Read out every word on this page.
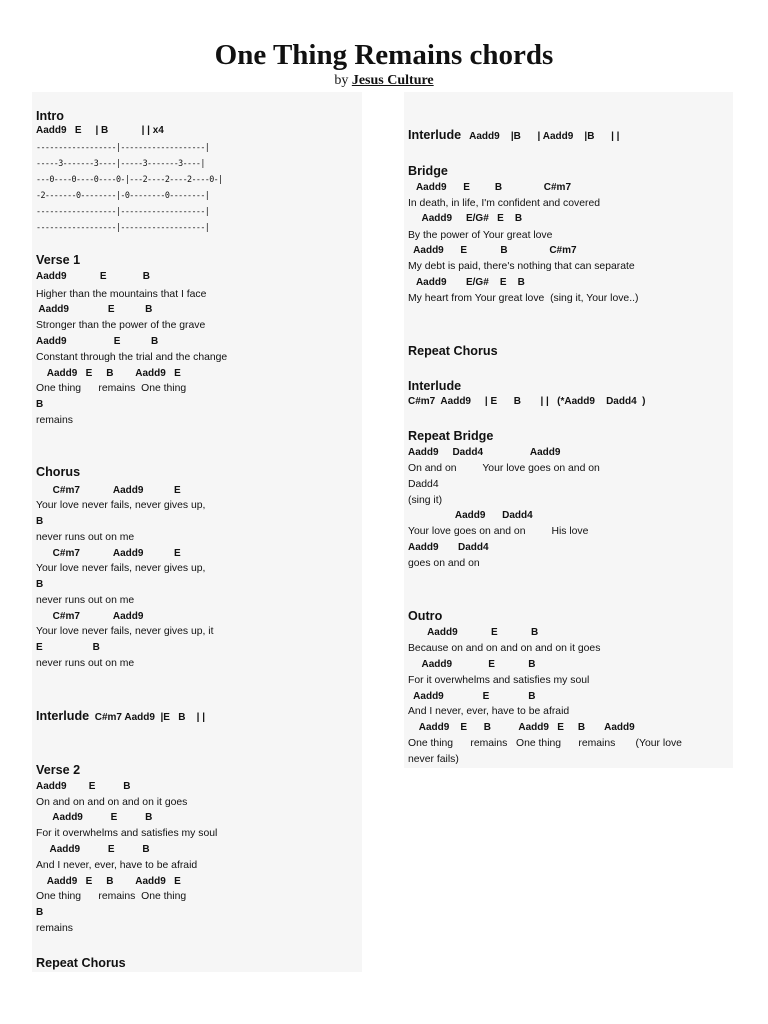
One Thing Remains chords
by Jesus Culture
Intro
Aadd9   E     | B            | | x4
------------------|-------------------|
-----3-------3----|-----3-------3----|
---0----0----0----0-|---2----2----2----0-|
-2-------0--------|-0--------0--------|
------------------|-------------------|
------------------|-------------------|
Verse 1
Aadd9            E             B
Higher than the mountains that I face
Aadd9              E           B
Stronger than the power of the grave
Aadd9                 E           B
Constant through the trial and the change
Aadd9   E     B        Aadd9   E
One thing      remains  One thing
B
remains
Chorus
C#m7            Aadd9           E
Your love never fails, never gives up,
B
never runs out on me
C#m7            Aadd9           E
Your love never fails, never gives up,
B
never runs out on me
C#m7            Aadd9
Your love never fails, never gives up, it
E                  B
never runs out on me
Interlude  C#m7 Aadd9  |E   B    | |
Verse 2
Aadd9        E          B
On and on and on and on it goes
Aadd9          E          B
For it overwhelms and satisfies my soul
Aadd9          E          B
And I never, ever, have to be afraid
Aadd9   E     B        Aadd9   E
One thing      remains  One thing
B
remains
Repeat Chorus
Interlude   Aadd9    |B      | Aadd9    |B      | |
Bridge
Aadd9      E         B               C#m7
In death, in life, I'm confident and covered
Aadd9     E/G#   E    B
By the power of Your great love
Aadd9      E            B               C#m7
My debt is paid, there's nothing that can separate
Aadd9       E/G#    E    B
My heart from Your great love  (sing it, Your love..)
Repeat Chorus
Interlude
C#m7  Aadd9     | E      B       | |   (*Aadd9    Dadd4  )
Repeat Bridge
Aadd9     Dadd4                 Aadd9
On and on         Your love goes on and on
Dadd4
(sing it)
Aadd9      Dadd4
Your love goes on and on         His love
Aadd9       Dadd4
goes on and on
Outro
Aadd9            E            B
Because on and on and on and on it goes
Aadd9             E            B
For it overwhelms and satisfies my soul
Aadd9              E              B
And I never, ever, have to be afraid
Aadd9    E      B          Aadd9   E     B       Aadd9
One thing      remains   One thing      remains       (Your love
never fails)
